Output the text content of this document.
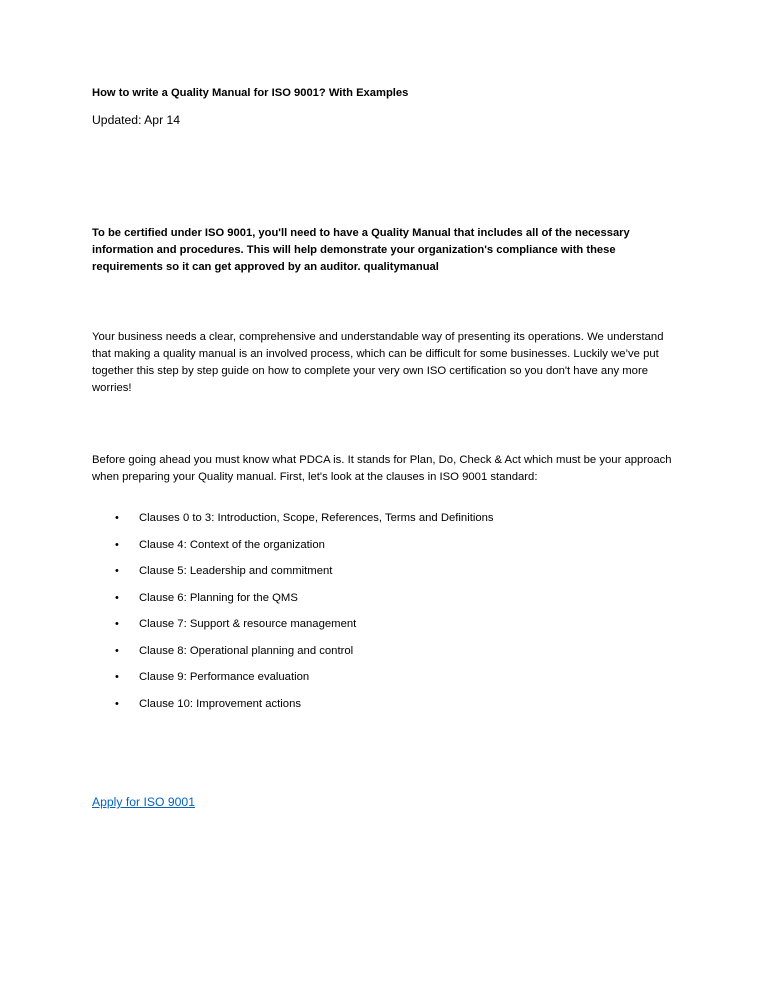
How to write a Quality Manual for ISO 9001? With Examples
Updated: Apr 14

To be certified under ISO 9001, you'll need to have a Quality Manual that includes all of the necessary information and procedures. This will help demonstrate your organization's compliance with these requirements so it can get approved by an auditor. qualitymanual

Your business needs a clear, comprehensive and understandable way of presenting its operations. We understand that making a quality manual is an involved process, which can be difficult for some businesses. Luckily we’ve put together this step by step guide on how to complete your very own ISO certification so you don't have any more worries!

Before going ahead you must know what PDCA is. It stands for Plan, Do, Check & Act which must be your approach when preparing your Quality manual. First, let's look at the clauses in ISO 9001 standard:

• Clauses 0 to 3: Introduction, Scope, References, Terms and Definitions
• Clause 4: Context of the organization
• Clause 5: Leadership and commitment
• Clause 6: Planning for the QMS
• Clause 7: Support & resource management
• Clause 8: Operational planning and control
• Clause 9: Performance evaluation
• Clause 10: Improvement actions
Apply for ISO 9001
